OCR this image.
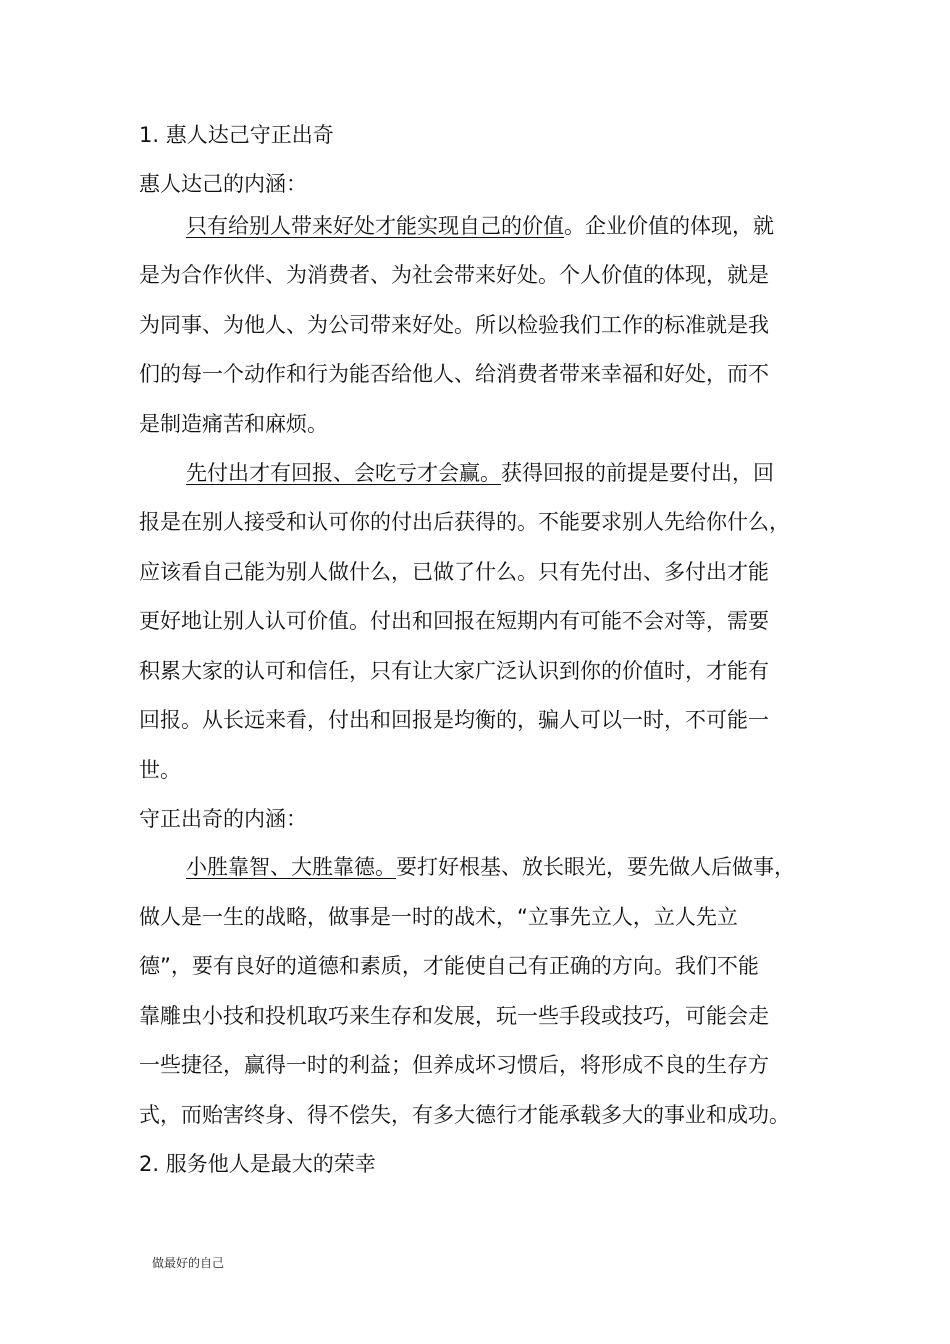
1. 惠人达己守正出奇
惠人达己的内涵：
只有给别人带来好处才能实现自己的价值。企业价值的体现，就
是为合作伙伴、为消费者、为社会带来好处。个人价值的体现，就是
为同事、为他人、为公司带来好处。所以检验我们工作的标准就是我
们的每一个动作和行为能否给他人、给消费者带来幸福和好处，而不
是制造痛苦和麻烦。
先付出才有回报、会吃亏才会赢。获得回报的前提是要付出，回
报是在别人接受和认可你的付出后获得的。不能要求别人先给你什么，
应该看自己能为别人做什么，已做了什么。只有先付出、多付出才能
更好地让别人认可价值。付出和回报在短期内有可能不会对等，需要
积累大家的认可和信任，只有让大家广泛认识到你的价值时，才能有
回报。从长远来看，付出和回报是均衡的，骗人可以一时，不可能一
世。
守正出奇的内涵：
小胜靠智、大胜靠德。要打好根基、放长眼光，要先做人后做事，
做人是一生的战略，做事是一时的战术，“立事先立人，立人先立
德”，要有良好的道德和素质，才能使自己有正确的方向。我们不能
靠雕虫小技和投机取巧来生存和发展，玩一些手段或技巧，可能会走
一些捷径，赢得一时的利益；但养成坏习惯后，将形成不良的生存方
式，而贻害终身、得不偿失，有多大德行才能承载多大的事业和成功。
2. 服务他人是最大的荣幸
做最好的自己
